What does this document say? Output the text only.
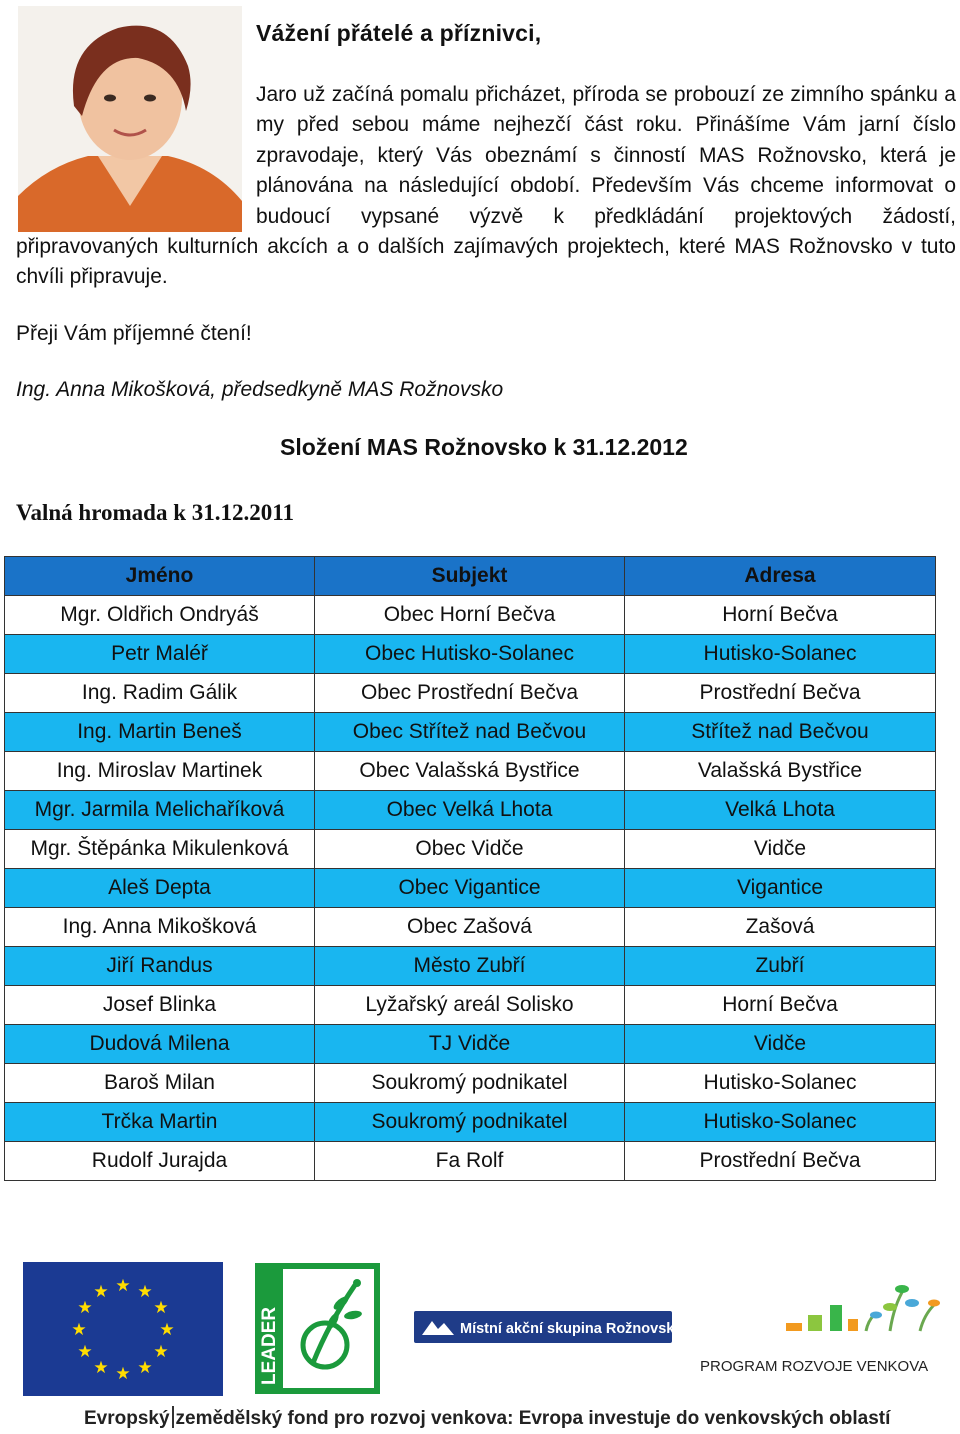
Vážení přátelé a příznivci,
Jaro už začíná pomalu přicházet, příroda se probouzí ze zimního spánku a my před sebou máme nejhezčí část roku. Přinášíme Vám jarní číslo zpravodaje, který Vás obeznámí s činností MAS Rožnovsko, která je plánována na následující období. Především Vás chceme informovat o budoucí vypsané výzvě k předkládání projektových žádostí, připravovaných kulturních akcích a o dalších zajímavých projektech, které MAS Rožnovsko v tuto chvíli připravuje.
Přeji Vám příjemné čtení!
Ing. Anna Mikošková, předsedkyně MAS Rožnovsko
Složení MAS Rožnovsko k 31.12.2012
Valná hromada k 31.12.2011
Jméno	Subjekt	Adresa
Mgr. Oldřich Ondryáš	Obec Horní Bečva	Horní Bečva
Petr Maléř	Obec Hutisko-Solanec	Hutisko-Solanec
Ing. Radim Gálik	Obec Prostřední Bečva	Prostřední Bečva
Ing. Martin Beneš	Obec Střítež nad Bečvou	Střítež nad Bečvou
Ing. Miroslav Martinek	Obec Valašská Bystřice	Valašská Bystřice
Mgr. Jarmila Melichaříková	Obec Velká Lhota	Velká Lhota
Mgr. Štěpánka Mikulenková	Obec Vidče	Vidče
Aleš Depta	Obec Vigantice	Vigantice
Ing. Anna Mikošková	Obec Zašová	Zašová
Jiří Randus	Město Zubří	Zubří
Josef Blinka	Lyžařský areál Solisko	Horní Bečva
Dudová Milena	TJ Vidče	Vidče
Baroš Milan	Soukromý podnikatel	Hutisko-Solanec
Trčka Martin	Soukromý podnikatel	Hutisko-Solanec
Rudolf Jurajda	Fa Rolf	Prostřední Bečva
★ ★
★
★
★
★
★
★
★
★
★
★
LEADER	Místní akční skupina Rožnovsko
PROGRAM ROZVOJE VENKOVA
Evropský zemědělský fond pro rozvoj venkova: Evropa investuje do venkovských oblastí
